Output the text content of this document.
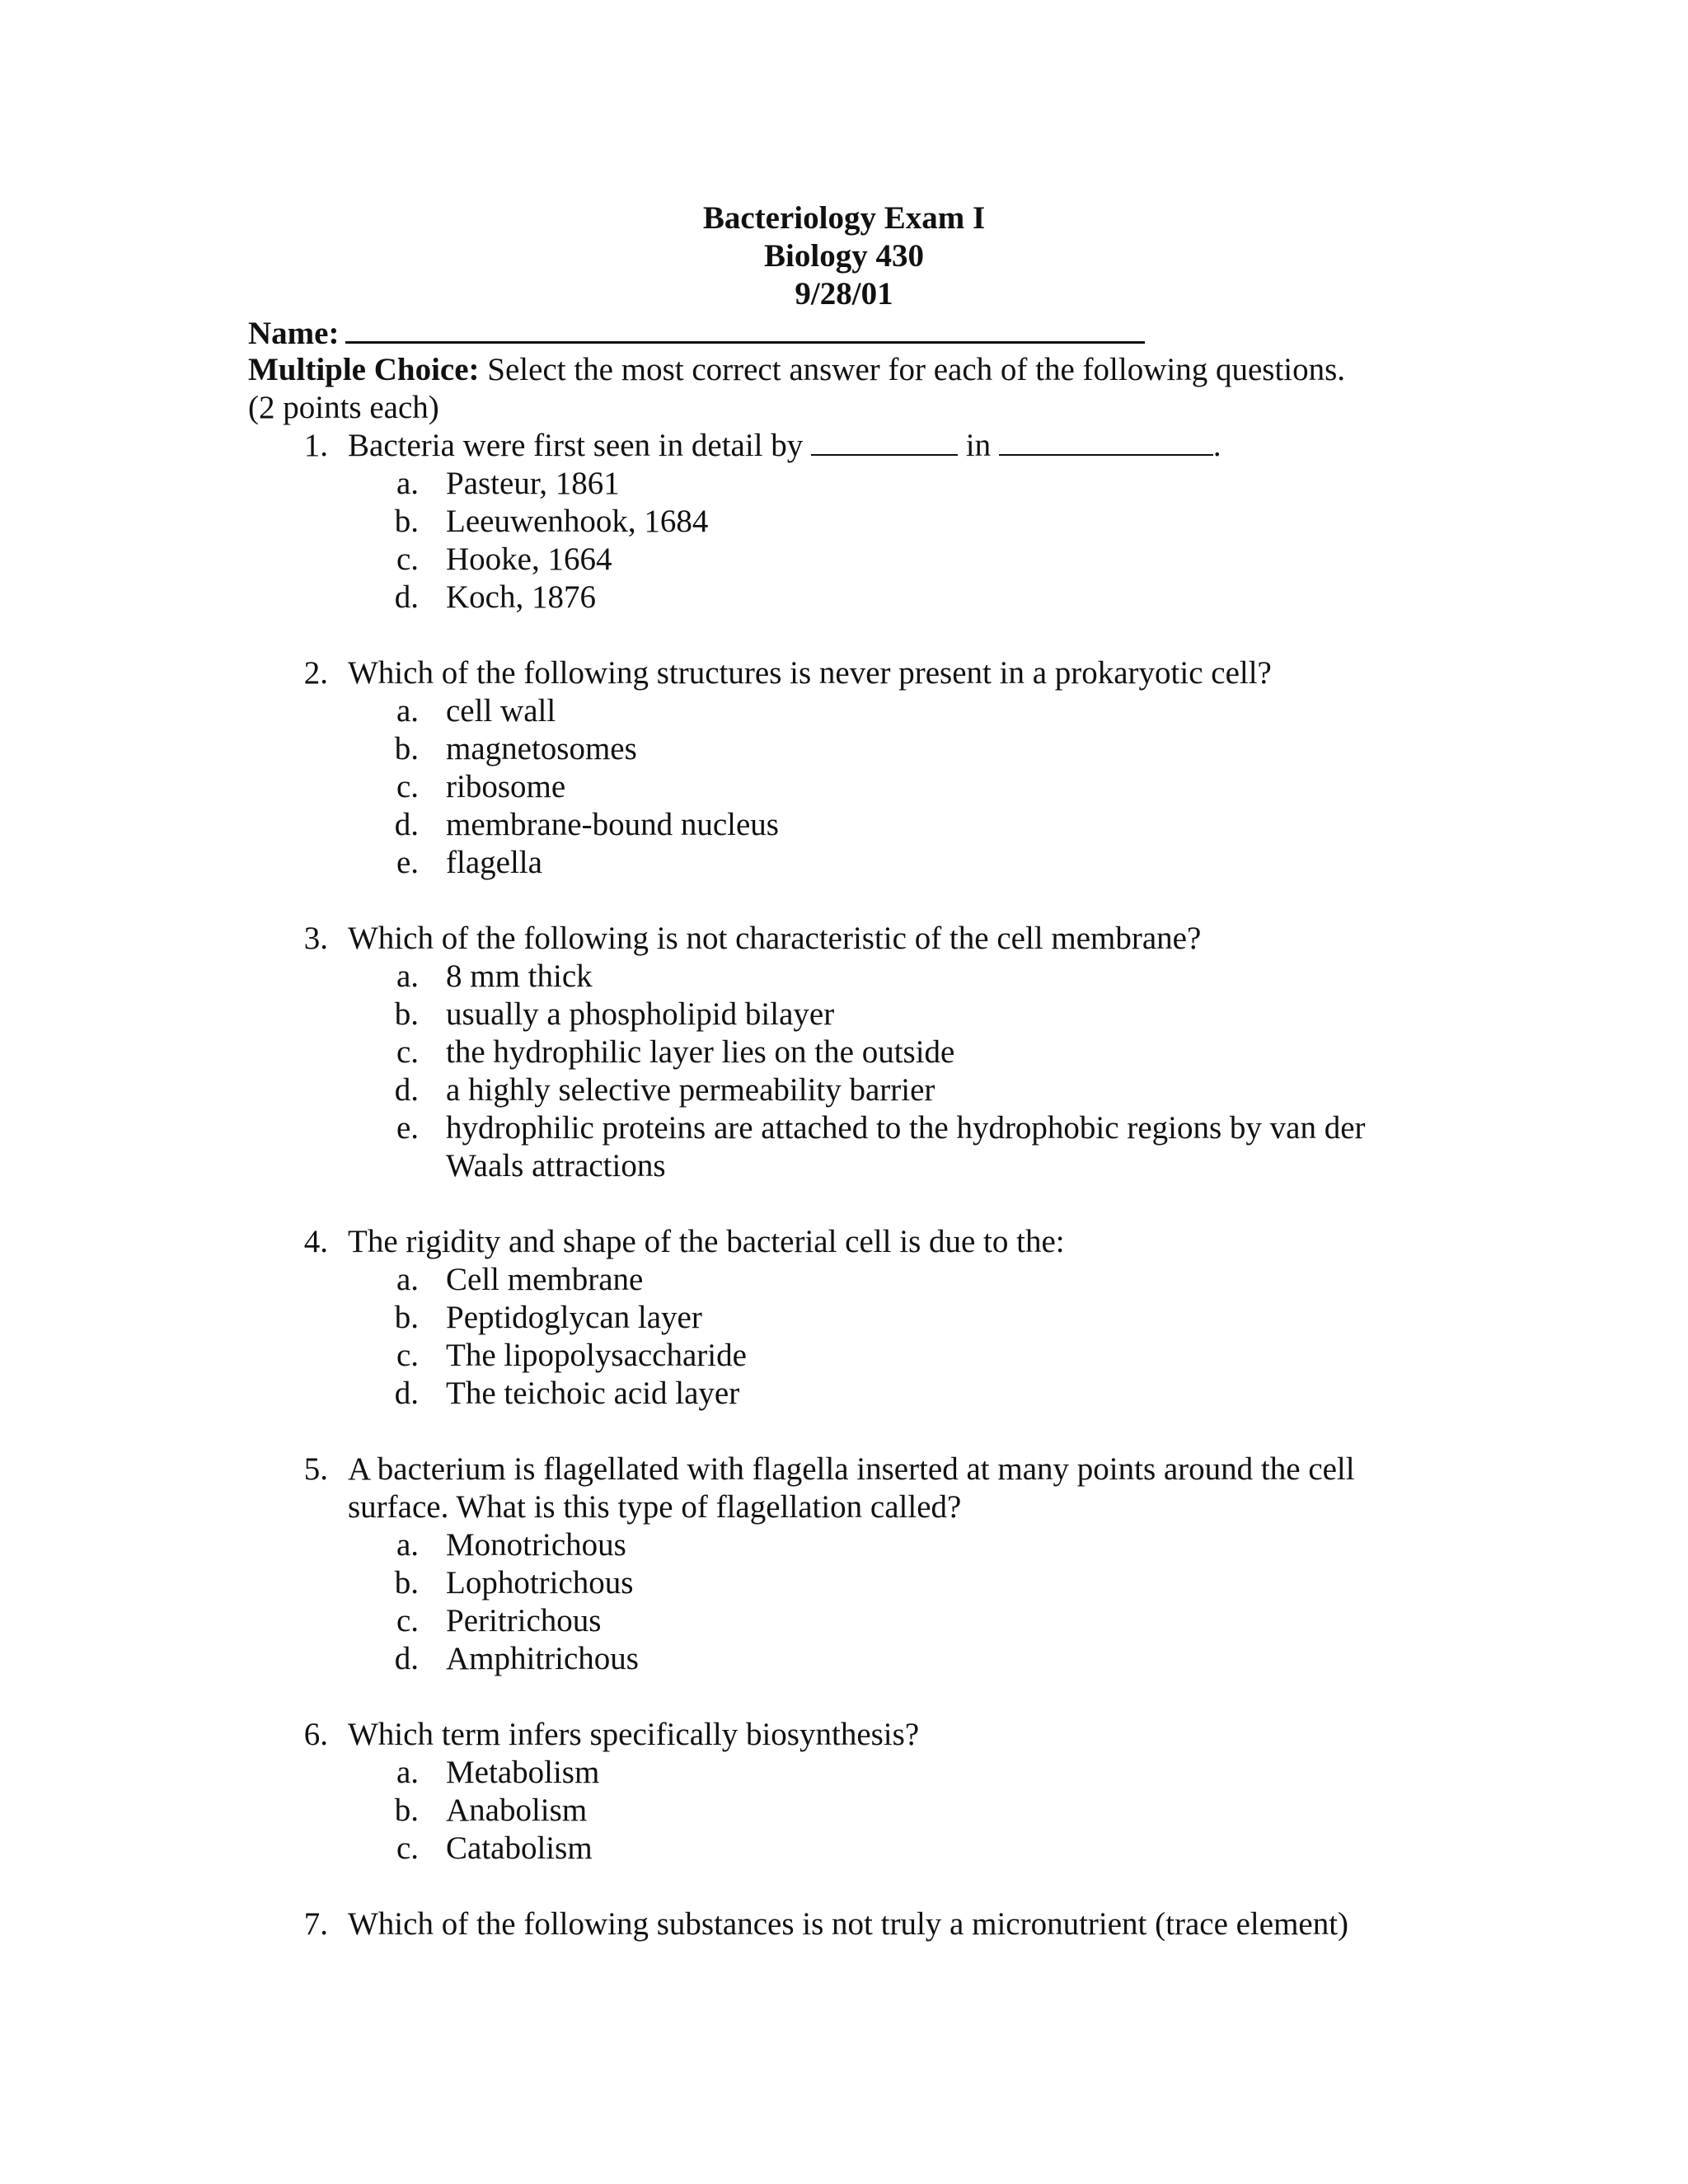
Bacteriology Exam I
Biology 430
9/28/01
Name:
Multiple Choice: Select the most correct answer for each of the following questions.
(2 points each)
1. Bacteria were first seen in detail by	in	.
a. Pasteur, 1861
b. Leeuwenhook, 1684
c. Hooke, 1664
d. Koch, 1876
2. Which of the following structures is never present in a prokaryotic cell?
a. cell wall
b. magnetosomes
c. ribosome
d. membrane-bound nucleus
e. flagella
3. Which of the following is not characteristic of the cell membrane?
a. 8 mm thick
b. usually a phospholipid bilayer
c. the hydrophilic layer lies on the outside
d. a highly selective permeability barrier
e. hydrophilic proteins are attached to the hydrophobic regions by van der
Waals attractions
4. The rigidity and shape of the bacterial cell is due to the:
a. Cell membrane
b. Peptidoglycan layer
c. The lipopolysaccharide
d. The teichoic acid layer
5. A bacterium is flagellated with flagella inserted at many points around the cell
surface. What is this type of flagellation called?
a. Monotrichous
b. Lophotrichous
c. Peritrichous
d. Amphitrichous
6. Which term infers specifically biosynthesis?
a. Metabolism
b. Anabolism
c. Catabolism
7. Which of the following substances is not truly a micronutrient (trace element)
